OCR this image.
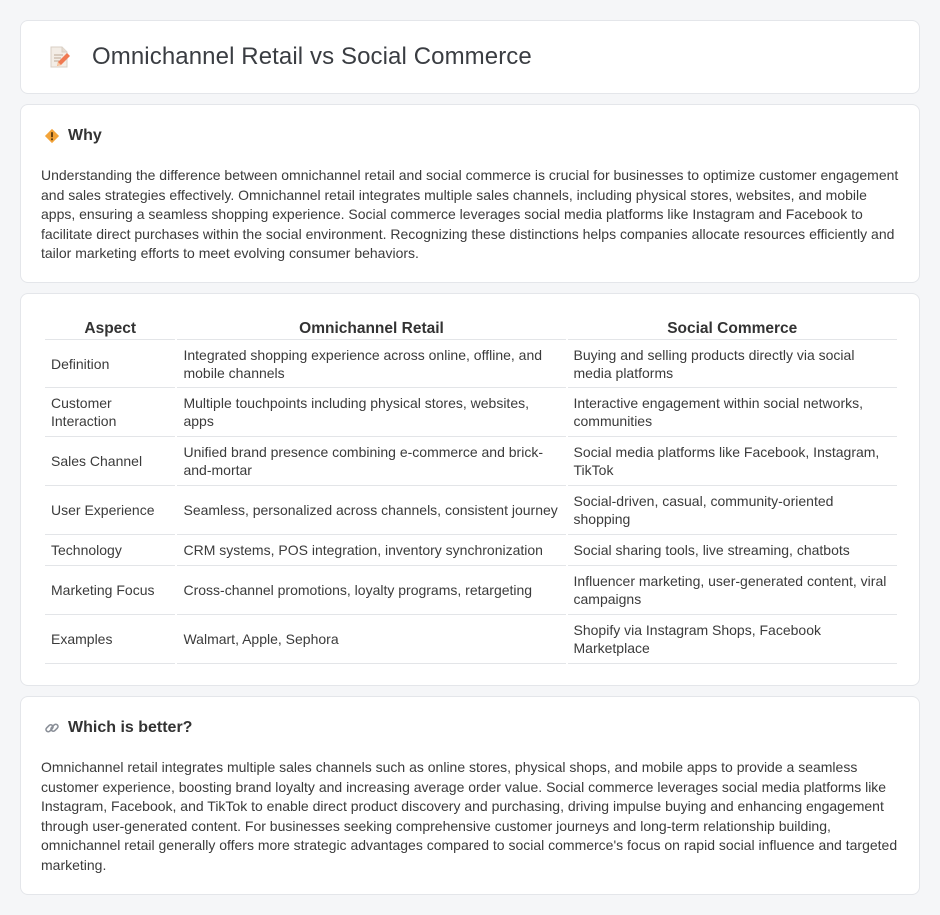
Omnichannel Retail vs Social Commerce
Why

Understanding the difference between omnichannel retail and social commerce is crucial for businesses to optimize customer engagement and sales strategies effectively. Omnichannel retail integrates multiple sales channels, including physical stores, websites, and mobile apps, ensuring a seamless shopping experience. Social commerce leverages social media platforms like Instagram and Facebook to facilitate direct purchases within the social environment. Recognizing these distinctions helps companies allocate resources efficiently and tailor marketing efforts to meet evolving consumer behaviors.

Aspect	Omnichannel Retail	Social Commerce
Definition	Integrated shopping experience across online, offline, and mobile channels	Buying and selling products directly via social media platforms
Customer Interaction	Multiple touchpoints including physical stores, websites, apps	Interactive engagement within social networks, communities
Sales Channel	Unified brand presence combining e-commerce and brick-and-mortar	Social media platforms like Facebook, Instagram, TikTok
User Experience	Seamless, personalized across channels, consistent journey	Social-driven, casual, community-oriented shopping
Technology	CRM systems, POS integration, inventory synchronization	Social sharing tools, live streaming, chatbots
Marketing Focus	Cross-channel promotions, loyalty programs, retargeting	Influencer marketing, user-generated content, viral campaigns
Examples	Walmart, Apple, Sephora	Shopify via Instagram Shops, Facebook Marketplace
Which is better?

Omnichannel retail integrates multiple sales channels such as online stores, physical shops, and mobile apps to provide a seamless customer experience, boosting brand loyalty and increasing average order value. Social commerce leverages social media platforms like Instagram, Facebook, and TikTok to enable direct product discovery and purchasing, driving impulse buying and enhancing engagement through user-generated content. For businesses seeking comprehensive customer journeys and long-term relationship building, omnichannel retail generally offers more strategic advantages compared to social commerce's focus on rapid social influence and targeted marketing.
